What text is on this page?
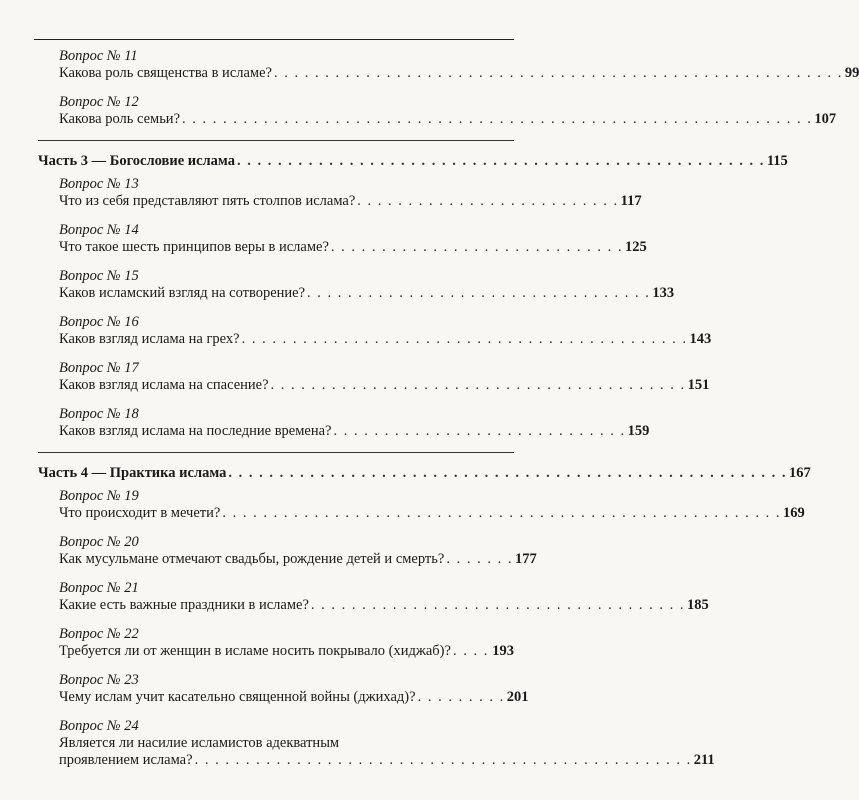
Вопрос № 11
Какова роль священства в исламе? . . . . . . . . . . . . . . . . . . . . . . . . . . . . . . . . . . . . . . . . . . . . . . . . . . . . . . . . 99
Вопрос № 12
Какова роль семьи? . . . . . . . . . . . . . . . . . . . . . . . . . . . . . . . . . . . . . . . . . . . . . . . . . . . . . . . . . . . . . . 107
Часть 3 — Богословие ислама . . . . . . . . . . . . . . . . . . . . . . . . . . . . . . . . . . . . . . . . . . . . . . . . . . . . 115
Вопрос № 13
Что из себя представляют пять столпов ислама? . . . . . . . . . . . . . . . . . . . . . . . . . . 117
Вопрос № 14
Что такое шесть принципов веры в исламе? . . . . . . . . . . . . . . . . . . . . . . . . . . . . . 125
Вопрос № 15
Каков исламский взгляд на сотворение? . . . . . . . . . . . . . . . . . . . . . . . . . . . . . . . . . . 133
Вопрос № 16
Каков взгляд ислама на грех? . . . . . . . . . . . . . . . . . . . . . . . . . . . . . . . . . . . . . . . . . . . . 143
Вопрос № 17
Каков взгляд ислама на спасение? . . . . . . . . . . . . . . . . . . . . . . . . . . . . . . . . . . . . . . . . . 151
Вопрос № 18
Каков взгляд ислама на последние времена? . . . . . . . . . . . . . . . . . . . . . . . . . . . . . 159
Часть 4 — Практика ислама . . . . . . . . . . . . . . . . . . . . . . . . . . . . . . . . . . . . . . . . . . . . . . . . . . . . . . . 167
Вопрос № 19
Что происходит в мечети? . . . . . . . . . . . . . . . . . . . . . . . . . . . . . . . . . . . . . . . . . . . . . . . . . . . . . . . 169
Вопрос № 20
Как мусульмане отмечают свадьбы, рождение детей и смерть? . . . . . . . 177
Вопрос № 21
Какие есть важные праздники в исламе? . . . . . . . . . . . . . . . . . . . . . . . . . . . . . . . . . . . . . 185
Вопрос № 22
Требуется ли от женщин в исламе носить покрывало (хиджаб)? . . . . 193
Вопрос № 23
Чему ислам учит касательно священной войны (джихад)? . . . . . . . . . 201
Вопрос № 24
Является ли насилие исламистов адекватным
проявлением ислама? . . . . . . . . . . . . . . . . . . . . . . . . . . . . . . . . . . . . . . . . . . . . . . . . . 211
